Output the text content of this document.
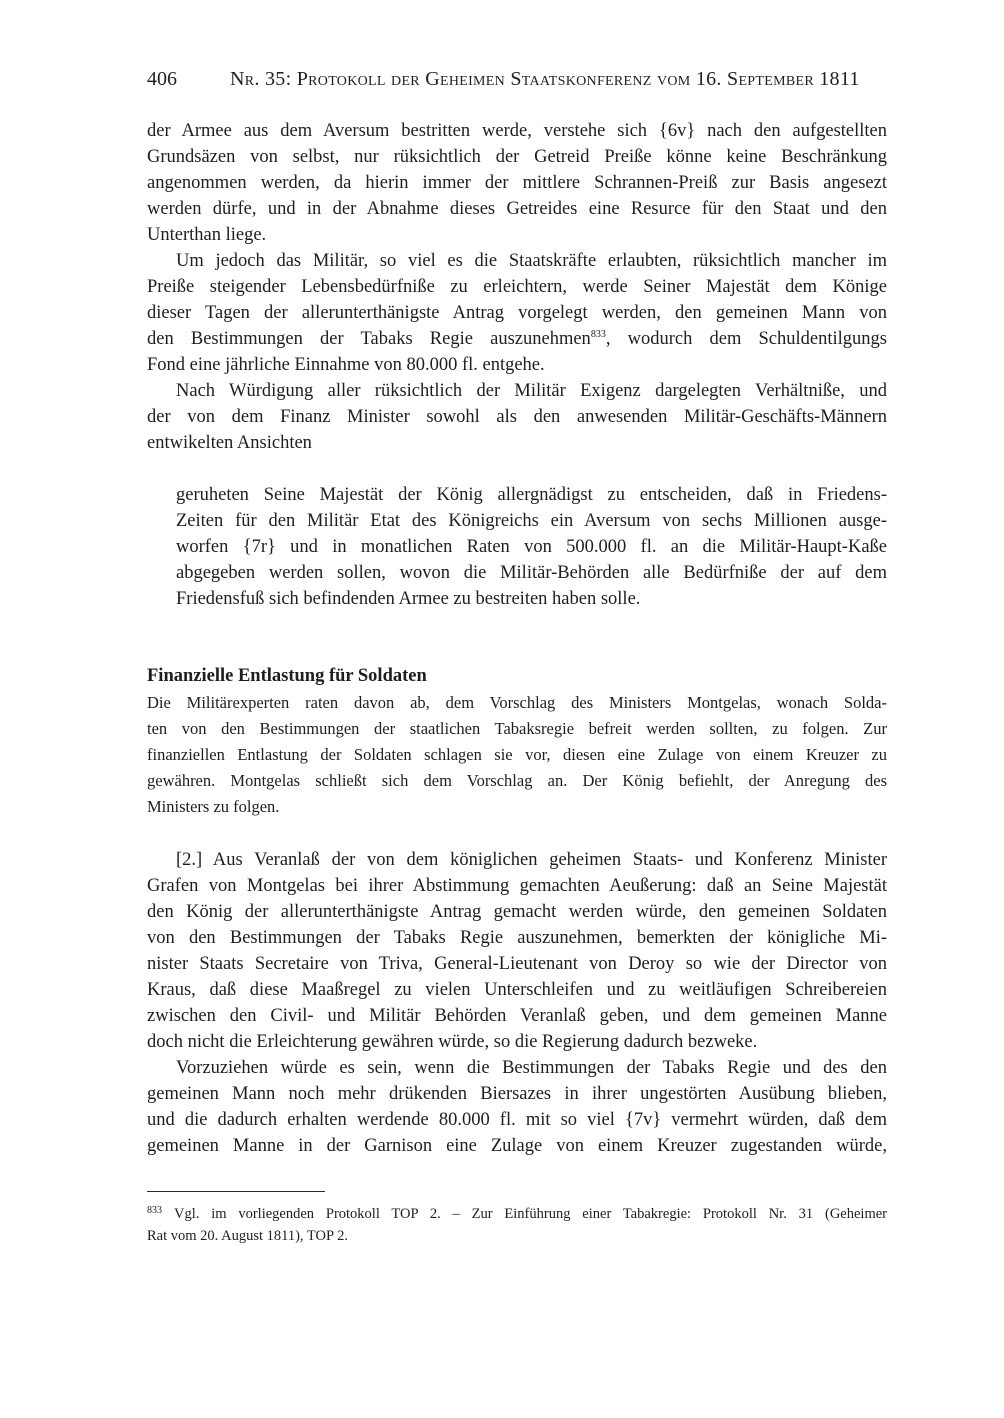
406	Nr. 35: Protokoll der Geheimen Staatskonferenz vom 16. September 1811
der Armee aus dem Aversum bestritten werde, verstehe sich {6v} nach den aufgestellten
Grundsäzen von selbst, nur rüksichtlich der Getreid Preiße könne keine Beschränkung
angenommen werden, da hierin immer der mittlere Schrannen-Preiß zur Basis angesezt
werden dürfe, und in der Abnahme dieses Getreides eine Resurce für den Staat und den
Unterthan liege.
Um jedoch das Militär, so viel es die Staatskräfte erlaubten, rüksichtlich mancher im
Preiße steigender Lebensbedürfniße zu erleichtern, werde Seiner Majestät dem Könige
dieser Tagen der allerunterthänigste Antrag vorgelegt werden, den gemeinen Mann von
den Bestimmungen der Tabaks Regie auszunehmen$^{833}$, wodurch dem Schuldentilgungs
Fond eine jährliche Einnahme von 80.000 fl. entgehe.
Nach Würdigung aller rüksichtlich der Militär Exigenz dargelegten Verhältniße, und
der von dem Finanz Minister sowohl als den anwesenden Militär-Geschäfts-Männern
entwikelten Ansichten
geruheten Seine Majestät der König allergnädigst zu entscheiden, daß in Friedens-
Zeiten für den Militär Etat des Königreichs ein Aversum von sechs Millionen ausge-
worfen {7r} und in monatlichen Raten von 500.000 fl. an die Militär-Haupt-Kaße
abgegeben werden sollen, wovon die Militär-Behörden alle Bedürfniße der auf dem
Friedensfuß sich befindenden Armee zu bestreiten haben solle.
Finanzielle Entlastung für Soldaten
Die Militärexperten raten davon ab, dem Vorschlag des Ministers Montgelas, wonach Solda-
ten von den Bestimmungen der staatlichen Tabaksregie befreit werden sollten, zu folgen. Zur
finanziellen Entlastung der Soldaten schlagen sie vor, diesen eine Zulage von einem Kreuzer zu
gewähren. Montgelas schließt sich dem Vorschlag an. Der König befiehlt, der Anregung des
Ministers zu folgen.
[2.] Aus Veranlaß der von dem königlichen geheimen Staats- und Konferenz Minister
Grafen von Montgelas bei ihrer Abstimmung gemachten Aeußerung: daß an Seine Majestät
den König der allerunterthänigste Antrag gemacht werden würde, den gemeinen Soldaten
von den Bestimmungen der Tabaks Regie auszunehmen, bemerkten der königliche Mi-
nister Staats Secretaire von Triva, General-Lieutenant von Deroy so wie der Director von
Kraus, daß diese Maaßregel zu vielen Unterschleifen und zu weitläufigen Schreibereien
zwischen den Civil- und Militär Behörden Veranlaß geben, und dem gemeinen Manne
doch nicht die Erleichterung gewähren würde, so die Regierung dadurch bezweke.
Vorzuziehen würde es sein, wenn die Bestimmungen der Tabaks Regie und des den
gemeinen Mann noch mehr drükenden Biersazes in ihrer ungestörten Ausübung blieben,
und die dadurch erhalten werdende 80.000 fl. mit so viel {7v} vermehrt würden, daß dem
gemeinen Manne in der Garnison eine Zulage von einem Kreuzer zugestanden würde,
$^{833}$ Vgl. im vorliegenden Protokoll TOP 2. – Zur Einführung einer Tabakregie: Protokoll Nr. 31 (Geheimer
Rat vom 20. August 1811), TOP 2.
